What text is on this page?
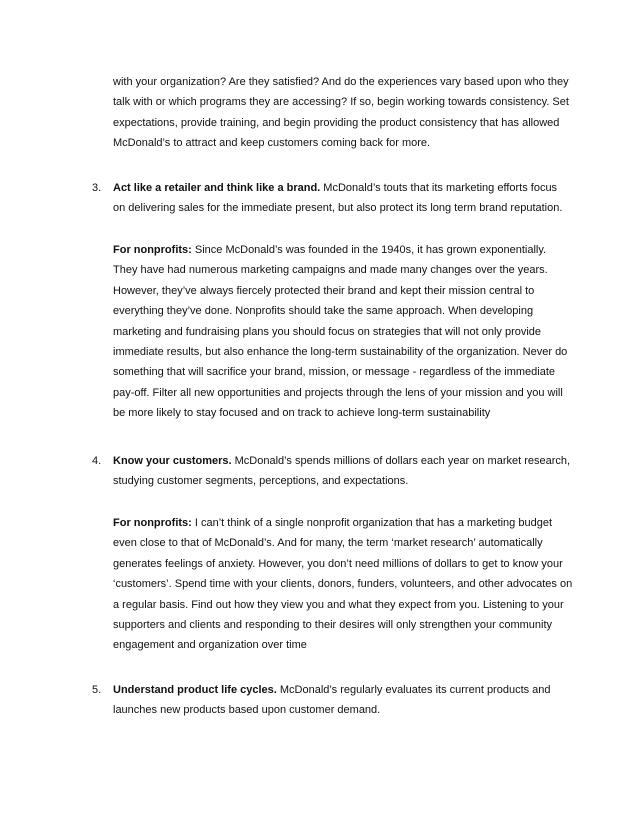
with your organization? Are they satisfied? And do the experiences vary based upon who they talk with or which programs they are accessing? If so, begin working towards consistency. Set expectations, provide training, and begin providing the product consistency that has allowed McDonald’s to attract and keep customers coming back for more.
3.	Act like a retailer and think like a brand. McDonald’s touts that its marketing efforts focus on delivering sales for the immediate present, but also protect its long term brand reputation.
For nonprofits: Since McDonald’s was founded in the 1940s, it has grown exponentially. They have had numerous marketing campaigns and made many changes over the years. However, they’ve always fiercely protected their brand and kept their mission central to everything they’ve done. Nonprofits should take the same approach. When developing marketing and fundraising plans you should focus on strategies that will not only provide immediate results, but also enhance the long-term sustainability of the organization. Never do something that will sacrifice your brand, mission, or message - regardless of the immediate pay-off. Filter all new opportunities and projects through the lens of your mission and you will be more likely to stay focused and on track to achieve long-term sustainability
4.	Know your customers. McDonald’s spends millions of dollars each year on market research, studying customer segments, perceptions, and expectations.
For nonprofits: I can’t think of a single nonprofit organization that has a marketing budget even close to that of McDonald’s. And for many, the term ‘market research’ automatically generates feelings of anxiety. However, you don’t need millions of dollars to get to know your ‘customers’. Spend time with your clients, donors, funders, volunteers, and other advocates on a regular basis. Find out how they view you and what they expect from you. Listening to your supporters and clients and responding to their desires will only strengthen your community engagement and organization over time
5.	Understand product life cycles. McDonald’s regularly evaluates its current products and launches new products based upon customer demand.
